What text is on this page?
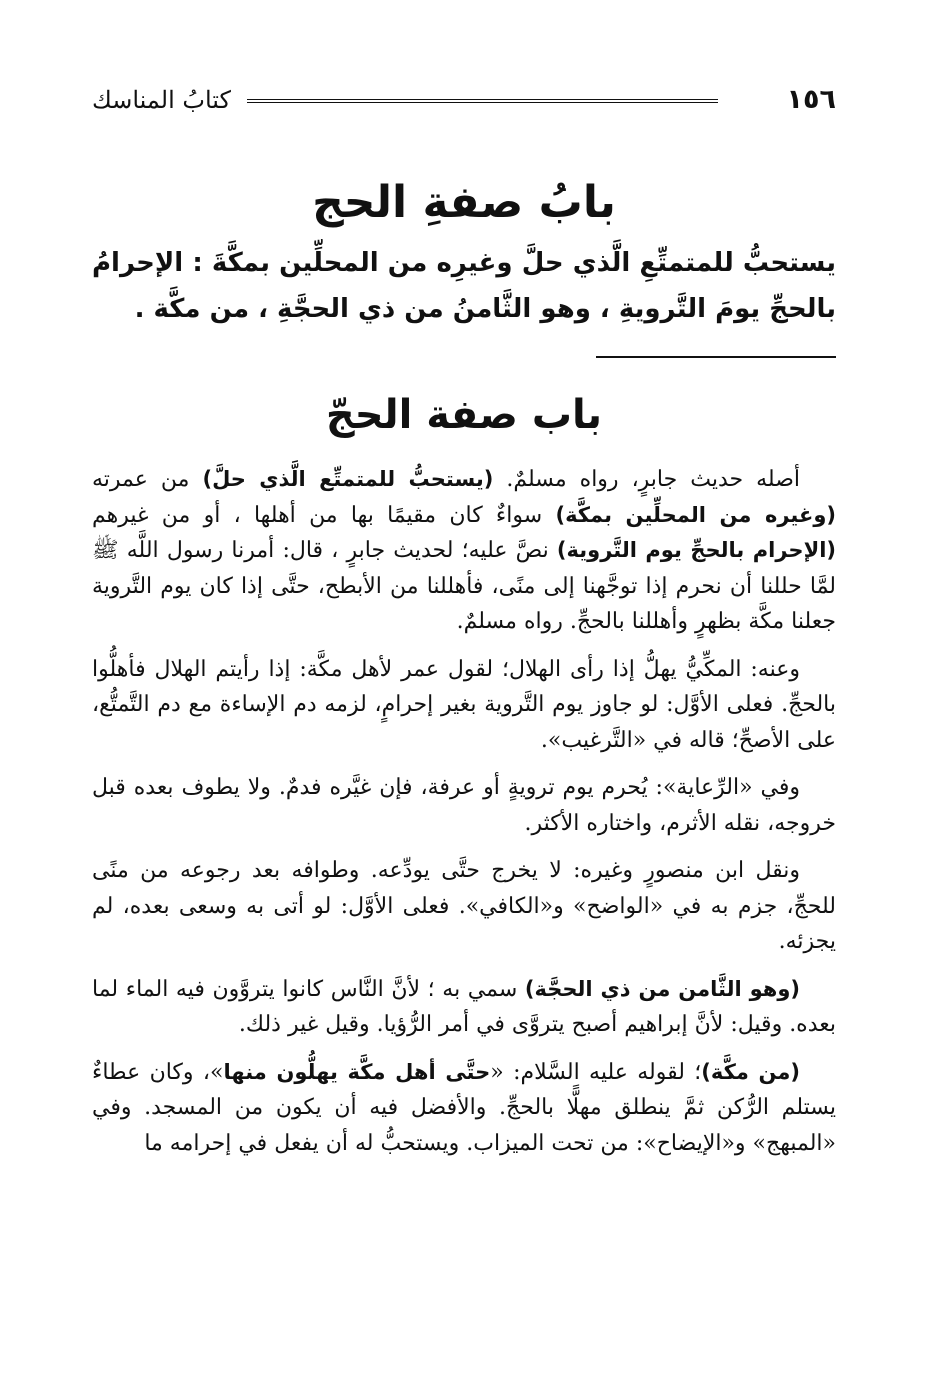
١٥٦
كتابُ المناسك
بابُ صفةِ الحج
يستحبُّ للمتمتِّعِ الَّذي حلَّ وغيرِه من المحلِّين بمكَّةَ : الإحرامُ بالحجِّ يومَ التَّرويةِ ، وهو الثَّامنُ من ذي الحجَّةِ ، من مكَّة .
باب صفة الحجّ

أصله حديث جابرٍ، رواه مسلمٌ. (يستحبُّ للمتمتِّع الَّذي حلَّ) من عمرته (وغيره من المحلِّين بمكَّة) سواءٌ كان مقيمًا بها من أهلها ، أو من غيرهم (الإحرام بالحجِّ يوم التَّروية) نصَّ عليه؛ لحديث جابرٍ ، قال: أمرنا رسول اللَّه ﷺ لمَّا حللنا أن نحرم إذا توجَّهنا إلى منًى، فأهللنا من الأبطح، حتَّى إذا كان يوم التَّروية جعلنا مكَّة بظهرٍ وأهللنا بالحجِّ. رواه مسلمٌ.

وعنه: المكِّيُّ يهلُّ إذا رأى الهلال؛ لقول عمر لأهل مكَّة: إذا رأيتم الهلال فأهلُّوا بالحجِّ. فعلى الأوَّل: لو جاوز يوم التَّروية بغير إحرامٍ، لزمه دم الإساءة مع دم التَّمتُّع، على الأصحِّ؛ قاله في «التَّرغيب».

وفي «الرِّعاية»: يُحرم يوم ترويةٍ أو عرفة، فإن غيَّره فدمٌ. ولا يطوف بعده قبل خروجه، نقله الأثرم، واختاره الأكثر.

ونقل ابن منصورٍ وغيره: لا يخرج حتَّى يودِّعه. وطوافه بعد رجوعه من منًى للحجِّ، جزم به في «الواضح» و«الكافي». فعلى الأوَّل: لو أتى به وسعى بعده، لم يجزئه.

(وهو الثَّامن من ذي الحجَّة) سمي به ؛ لأنَّ النَّاس كانوا يتروَّون فيه الماء لما بعده. وقيل: لأنَّ إبراهيم أصبح يتروَّى في أمر الرُّؤيا. وقيل غير ذلك.

(من مكَّة)؛ لقوله عليه السَّلام: «حتَّى أهل مكَّة يهلُّون منها»، وكان عطاءٌ يستلم الرُّكن ثمَّ ينطلق مهلًّا بالحجِّ. والأفضل فيه أن يكون من المسجد. وفي «المبهج» و«الإيضاح»: من تحت الميزاب. ويستحبُّ له أن يفعل في إحرامه ما
